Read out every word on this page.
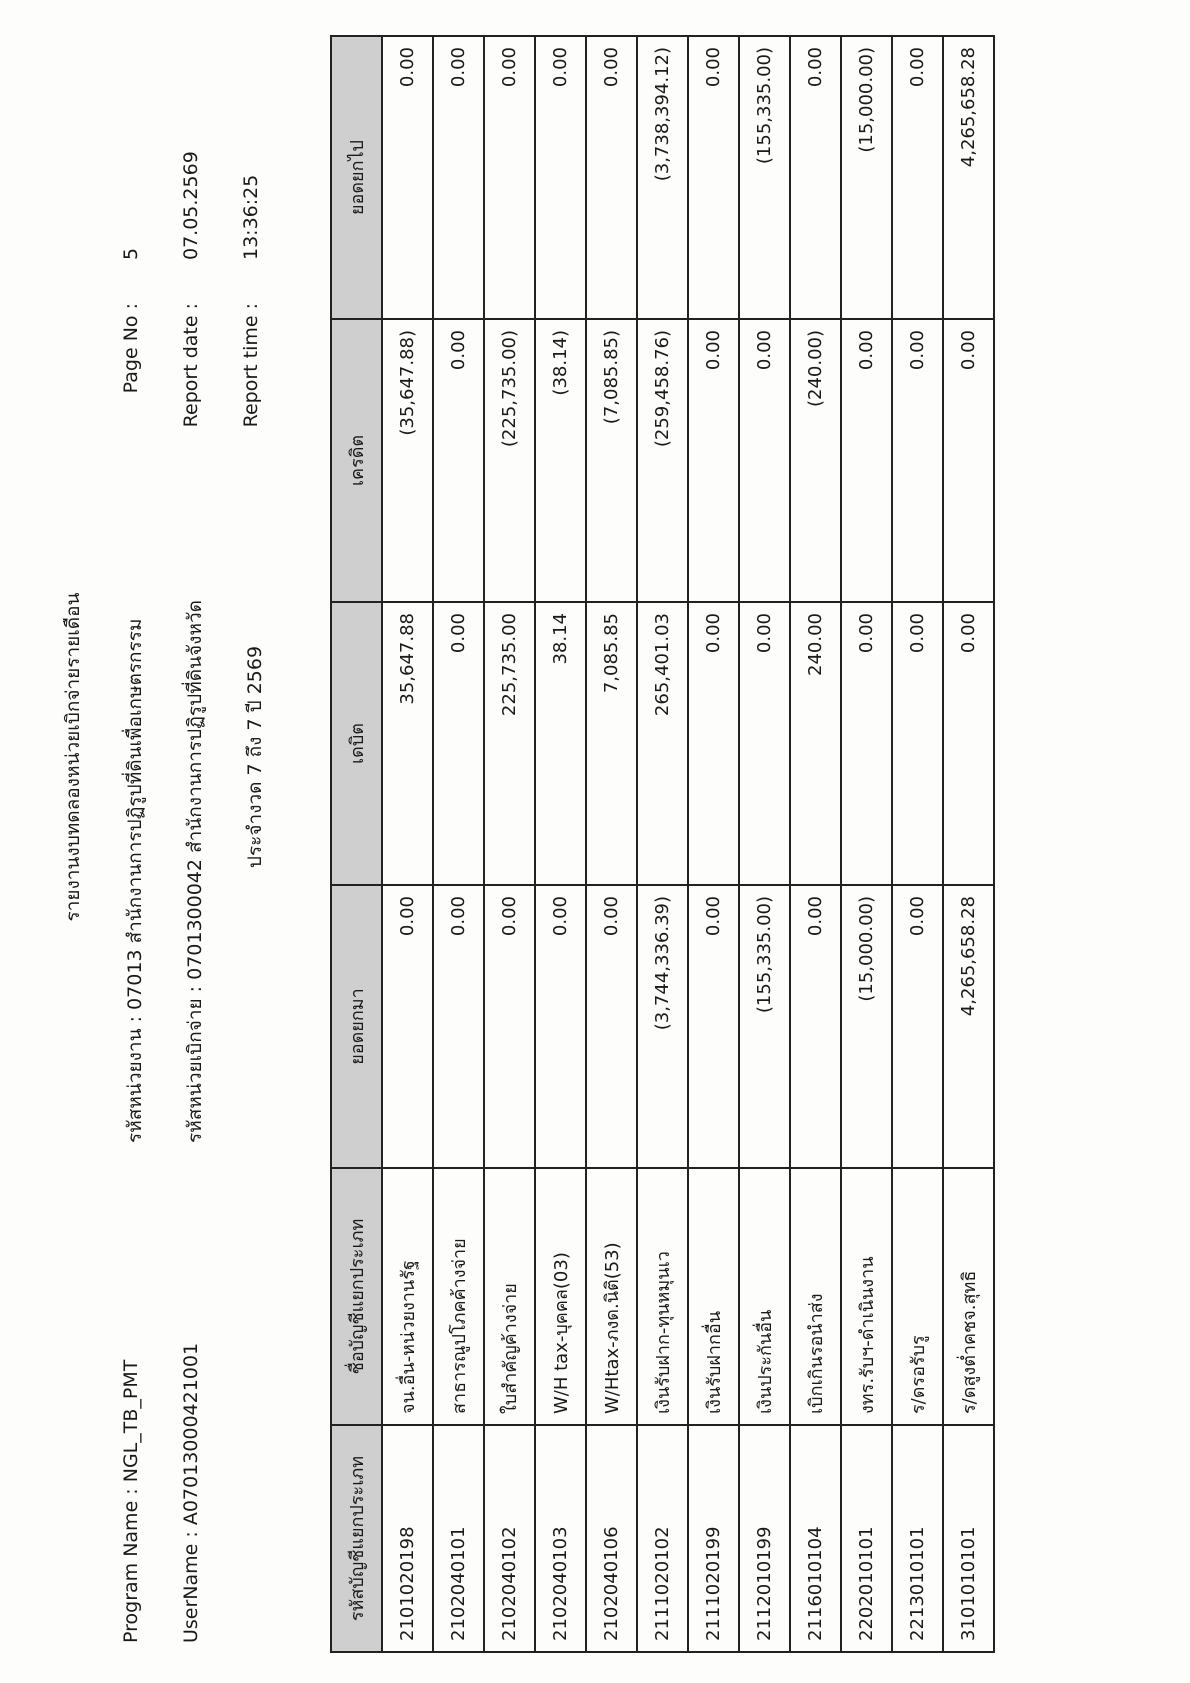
รายงานงบทดลองหน่วยเบิกจ่ายรายเดือน
Program Name : NGL_TB_PMT UserName : A07013000421001
รหัสหน่วยงาน : 07013 สำนักงานการปฏิรูปที่ดินเพื่อเกษตรกรรม รหัสหน่วยเบิกจ่าย : 0701300042 สำนักงานการปฏิรูปที่ดินจังหวัด ประจำงวด 7 ถึง 7 ปี 2569
Page No :
5
Report date :
07.05.2569
Report time :
13:36:25
รหัสบัญชีแยกประเภท	ชื่อบัญชีแยกประเภท	ยอดยกมา	เดบิต	เครดิต	ยอดยกไป
2101020198	จน.อื่น-หน่วยงานรัฐ	0.00	35,647.88	(35,647.88)	0.00
2102040101	สาธารณูปโภคค้างจ่าย	0.00	0.00	0.00	0.00
2102040102	ใบสำคัญค้างจ่าย	0.00	225,735.00	(225,735.00)	0.00
2102040103	W/H tax-บุคคล(03)	0.00	38.14	(38.14)	0.00
2102040106	W/Htax-ภงด.นิติ(53)	0.00	7,085.85	(7,085.85)	0.00
2111020102	เงินรับฝาก-ทุนหมุนเว	(3,744,336.39)	265,401.03	(259,458.76)	(3,738,394.12)
2111020199	เงินรับฝากอื่น	0.00	0.00	0.00	0.00
2112010199	เงินประกันอื่น	(155,335.00)	0.00	0.00	(155,335.00)
2116010104	เบิกเกินรอนำส่ง	0.00	240.00	(240.00)	0.00
2202010101	งทร.รับฯ-ดำเนินงาน	(15,000.00)	0.00	0.00	(15,000.00)
2213010101	ร/ดรอรับรู	0.00	0.00	0.00	0.00
3101010101	ร/ดสูงต่ำคชจ.สุทธิ	4,265,658.28	0.00	0.00	4,265,658.28
